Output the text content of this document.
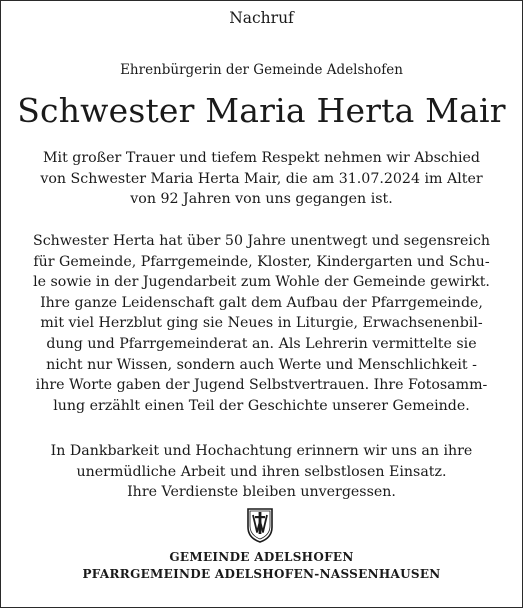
Nachruf
Ehrenbürgerin der Gemeinde Adelshofen
Schwester Maria Herta Mair
Mit großer Trauer und tiefem Respekt nehmen wir Abschied
von Schwester Maria Herta Mair, die am 31.07.2024 im Alter
von 92 Jahren von uns gegangen ist.
Schwester Herta hat über 50 Jahre unentwegt und segensreich
für Gemeinde, Pfarrgemeinde, Kloster, Kindergarten und Schu-
le sowie in der Jugendarbeit zum Wohle der Gemeinde gewirkt.
Ihre ganze Leidenschaft galt dem Aufbau der Pfarrgemeinde,
mit viel Herzblut ging sie Neues in Liturgie, Erwachsenenbil-
dung und Pfarrgemeinderat an. Als Lehrerin vermittelte sie
nicht nur Wissen, sondern auch Werte und Menschlichkeit -
ihre Worte gaben der Jugend Selbstvertrauen. Ihre Fotosamm-
lung erzählt einen Teil der Geschichte unserer Gemeinde.
In Dankbarkeit und Hochachtung erinnern wir uns an ihre
unermüdliche Arbeit und ihren selbstlosen Einsatz.
Ihre Verdienste bleiben unvergessen.
GEMEINDE ADELSHOFEN
PFARRGEMEINDE ADELSHOFEN-NASSENHAUSEN
